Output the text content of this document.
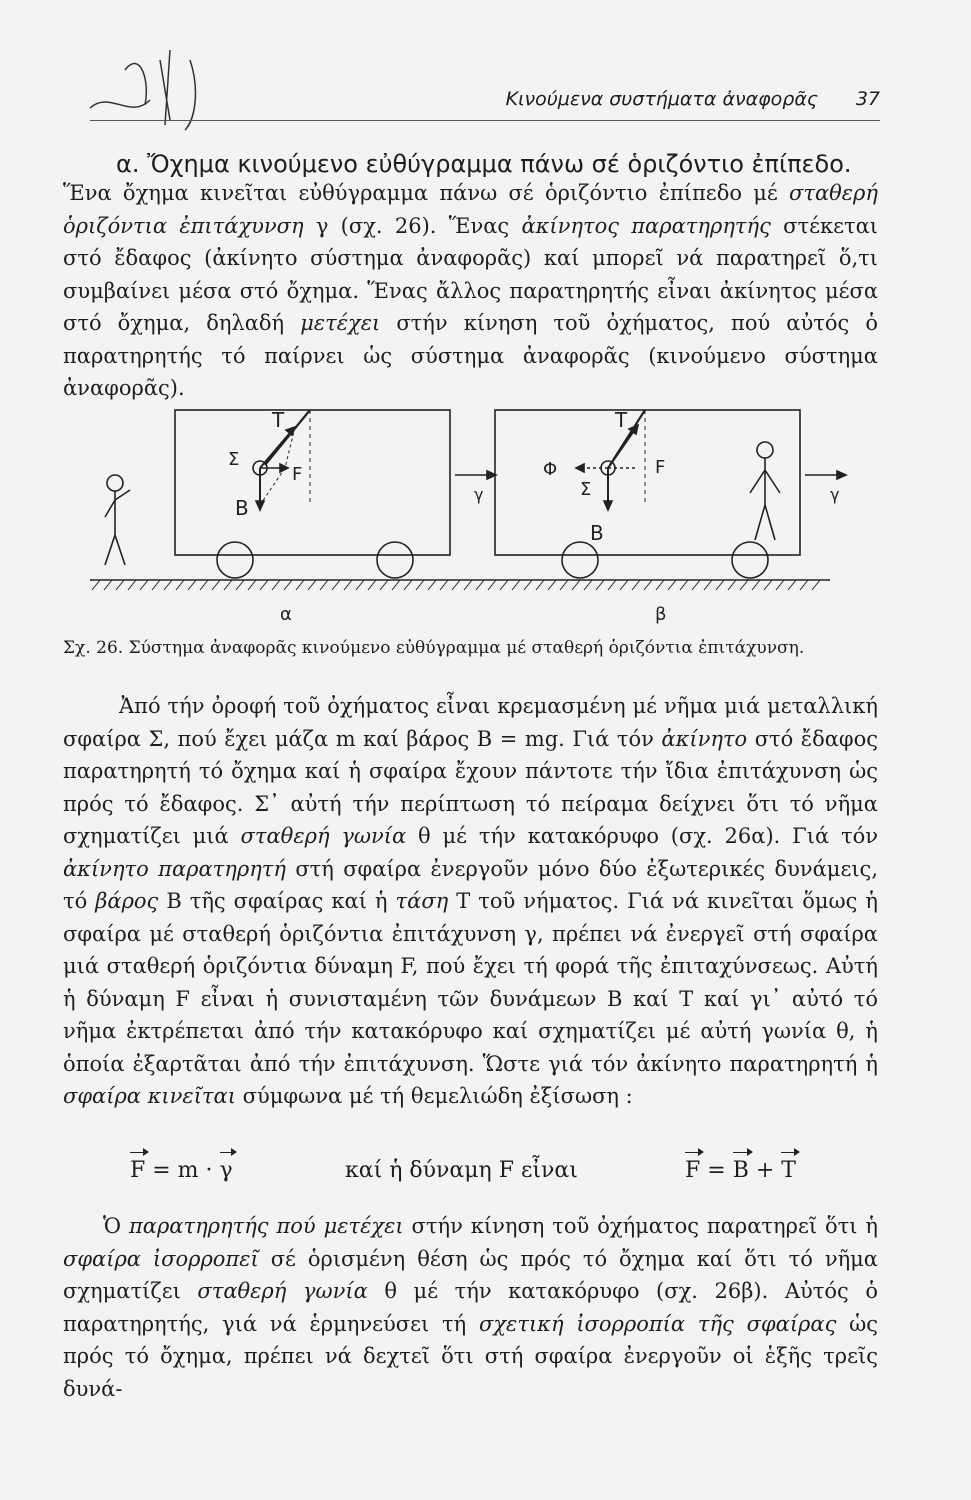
Κινούμενα συστήματα ἀναφορᾶς 37
α. Ὄχημα κινούμενο εὐθύγραμμα πάνω σέ ὁριζόντιο ἐπίπεδο.
Ἕνα ὄχημα κινεῖται εὐθύγραμμα πάνω σέ ὁριζόντιο ἐπίπεδο μέ σταθερή ὁριζόντια ἐπιτάχυνση γ (σχ. 26). Ἕνας ἀκίνητος παρατηρητής στέκεται στό ἔδαφος (ἀκίνητο σύστημα ἀναφορᾶς) καί μπορεῖ νά παρατηρεῖ ὅ,τι συμβαίνει μέσα στό ὄχημα. Ἕνας ἄλλος παρατηρητής εἶναι ἀκίνητος μέσα στό ὄχημα, δηλαδή μετέχει στήν κίνηση τοῦ ὀχήματος, πού αὐτός ὁ παρατηρητής τό παίρνει ὡς σύστημα ἀναφορᾶς (κινούμενο σύστημα ἀναφορᾶς).
T
Σ
F
B
γ
T
Φ
Σ
F
B
γ
α	β
Σχ. 26. Σύστημα ἀναφορᾶς κινούμενο εὐθύγραμμα μέ σταθερή ὁριζόντια ἐπιτάχυνση.
Ἀπό τήν ὀροφή τοῦ ὀχήματος εἶναι κρεμασμένη μέ νῆμα μιά μεταλλική σφαίρα Σ, πού ἔχει μάζα m καί βάρος B = mg. Γιά τόν ἀκίνητο στό ἔδαφος παρατηρητή τό ὄχημα καί ἡ σφαίρα ἔχουν πάντοτε τήν ἴδια ἐπιτάχυνση ὡς πρός τό ἔδαφος. Σ᾽ αὐτή τήν περίπτωση τό πείραμα δείχνει ὅτι τό νῆμα σχηματίζει μιά σταθερή γωνία θ μέ τήν κατακόρυφο (σχ. 26α). Γιά τόν ἀκίνητο παρατηρητή στή σφαίρα ἐνεργοῦν μόνο δύο ἐξωτερικές δυνάμεις, τό βάρος B τῆς σφαίρας καί ἡ τάση T τοῦ νήματος. Γιά νά κινεῖται ὅμως ἡ σφαίρα μέ σταθερή ὁριζόντια ἐπιτάχυνση γ, πρέπει νά ἐνεργεῖ στή σφαίρα μιά σταθερή ὁριζόντια δύναμη F, πού ἔχει τή φορά τῆς ἐπιταχύνσεως. Αὐτή ἡ δύναμη F εἶναι ἡ συνισταμένη τῶν δυνάμεων B καί T καί γι᾽ αὐτό τό νῆμα ἐκτρέπεται ἀπό τήν κατακόρυφο καί σχηματίζει μέ αὐτή γωνία θ, ἡ ὁποία ἐξαρτᾶται ἀπό τήν ἐπιτάχυνση. Ὥστε γιά τόν ἀκίνητο παρατηρητή ἡ σφαίρα κινεῖται σύμφωνα μέ τή θεμελιώδη ἐξίσωση :
F = m · γ	καί ἡ δύναμη F εἶναι	F = B + T
Ὁ παρατηρητής πού μετέχει στήν κίνηση τοῦ ὀχήματος παρατηρεῖ ὅτι ἡ σφαίρα ἰσορροπεῖ σέ ὁρισμένη θέση ὡς πρός τό ὄχημα καί ὅτι τό νῆμα σχηματίζει σταθερή γωνία θ μέ τήν κατακόρυφο (σχ. 26β). Αὐτός ὁ παρατηρητής, γιά νά ἑρμηνεύσει τή σχετική ἰσορροπία τῆς σφαίρας ὡς πρός τό ὄχημα, πρέπει νά δεχτεῖ ὅτι στή σφαίρα ἐνεργοῦν οἱ ἑξῆς τρεῖς δυνά-
